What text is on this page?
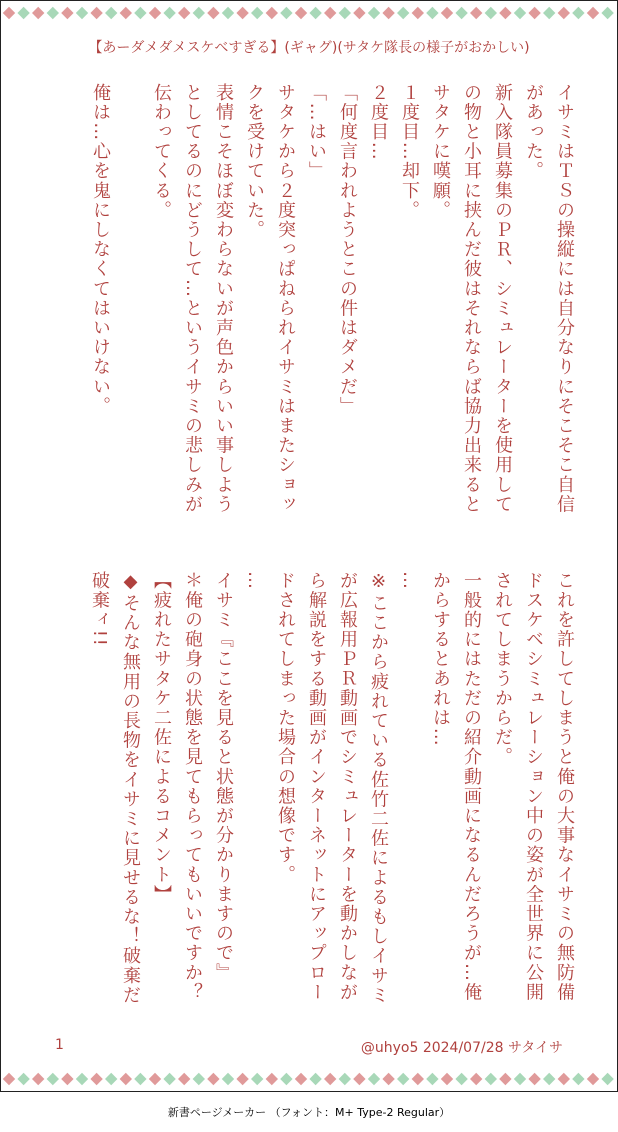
【あーダメダメスケベすぎる】(ギャグ)(サタケ隊長の様子がおかしい)
イサミはＴＳの操縦には自分なりにそこそこ自信
があった。
新入隊員募集のＰＲ、シミュレーターを使用して
の物と小耳に挟んだ彼はそれならば協力出来ると
サタケに嘆願。
１度目…却下。
２度目…
「何度言われようとこの件はダメだ」
「…はい」
サタケから２度突っぱねられイサミはまたショッ
クを受けていた。
表情こそほぼ変わらないが声色からいい事しよう
としてるのにどうして…というイサミの悲しみが
伝わってくる。
俺は…心を鬼にしなくてはいけない。
これを許してしまうと俺の大事なイサミの無防備
ドスケベシミュレーション中の姿が全世界に公開
されてしまうからだ。
一般的にはただの紹介動画になるんだろうが…俺
からするとあれは…
…
※ここから疲れている佐竹二佐によるもしイサミ
が広報用ＰＲ動画でシミュレーターを動かしなが
ら解説をする動画がインターネットにアップロー
ドされてしまった場合の想像です。
…
イサミ『ここを見ると状態が分かりますので』
＊俺の砲身の状態を見てもらってもいいですか？
【疲れたサタケ二佐によるコメント】
◆そんな無用の長物をイサミに見せるな！破棄だ
破棄ィ!!
1	@uhyo5 2024/07/28 サタイサ
新書ページメーカー （フォント：M+ Type-2 Regular）
